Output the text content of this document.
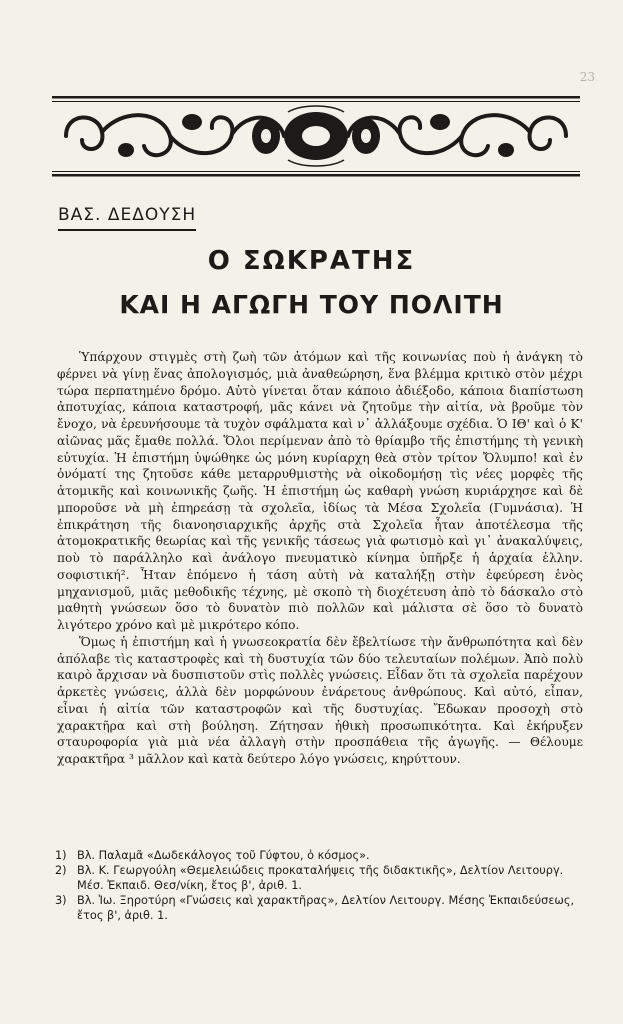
23
ΒΑΣ. ΔΕΔΟΥΣΗ
Ο ΣΩΚΡΑΤΗΣ
ΚΑΙ Η ΑΓΩΓΗ ΤΟΥ ΠΟΛΙΤΗ

Ὑπάρχουν στιγμὲς στὴ ζωὴ τῶν ἀτόμων καὶ τῆς κοινωνίας ποὺ ἡ ἀνάγκη τὸ φέρνει νὰ γίνῃ ἕνας ἀπολογισμός, μιὰ ἀναθεώρηση, ἕνα βλέμμα κριτικὸ στὸν μέχρι τώρα περπατημένο δρόμο. Αὐτὸ γίνεται ὅταν κάποιο ἀδιέξοδο, κάποια διαπίστωση ἀποτυχίας, κάποια καταστροφή, μᾶς κάνει νὰ ζητοῦμε τὴν αἰτία, νὰ βροῦμε τὸν ἔνοχο, νὰ ἐρευνήσουμε τὰ τυχὸν σφάλματα καὶ ν᾽ ἀλλάξουμε σχέδια. Ὁ ΙΘ' καὶ ὁ Κ' αἰῶνας μᾶς ἔμαθε πολλά. Ὅλοι περίμεναν ἀπὸ τὸ θρίαμβο τῆς ἐπιστήμης τὴ γενικὴ εὐτυχία. Ἡ ἐπιστήμη ὑψώθηκε ὡς μόνη κυρίαρχη θεὰ στὸν τρίτον Ὄλυμπο! καὶ ἐν ὀνόματί της ζητοῦσε κάθε μεταρρυθμιστὴς νὰ οἰκοδομήσῃ τὶς νέες μορφὲς τῆς ἀτομικῆς καὶ κοινωνικῆς ζωῆς. Ἡ ἐπιστήμη ὡς καθαρὴ γνώση κυριάρχησε καὶ δὲ μποροῦσε νὰ μὴ ἐπηρεάσῃ τὰ σχολεῖα, ἰδίως τὰ Μέσα Σχολεῖα (Γυμνάσια). Ἡ ἐπικράτηση τῆς διανοησιαρχικῆς ἀρχῆς στὰ Σχολεῖα ἦταν ἀποτέλεσμα τῆς ἀτομοκρατικῆς θεωρίας καὶ τῆς γενικῆς τάσεως γιὰ φωτισμὸ καὶ γι᾽ ἀνακαλύψεις, ποὺ τὸ παράλληλο καὶ ἀνάλογο πνευματικὸ κίνημα ὑπῆρξε ἡ ἀρχαία ἑλλην. σοφιστική². Ἦταν ἑπόμενο ἡ τάση αὐτὴ νὰ καταλήξῃ στὴν ἐφεύρεση ἑνὸς μηχανισμοῦ, μιᾶς μεθοδικῆς τέχνης, μὲ σκοπὸ τὴ διοχέτευση ἀπὸ τὸ δάσκαλο στὸ μαθητὴ γνώσεων ὅσο τὸ δυνατὸν πιὸ πολλῶν καὶ μάλιστα σὲ ὅσο τὸ δυνατὸ λιγότερο χρόνο καὶ μὲ μικρότερο κόπο.

Ὅμως ἡ ἐπιστήμη καὶ ἡ γνωσεοκρατία δὲν ἔβελτίωσε τὴν ἄνθρωπότητα καὶ δὲν ἀπόλαβε τὶς καταστροφὲς καὶ τὴ δυστυχία τῶν δύο τελευταίων πολέμων. Ἀπὸ πολὺ καιρὸ ἄρχισαν νὰ δυσπιστοῦν στὶς πολλὲς γνώσεις. Εἶδαν ὅτι τὰ σχολεῖα παρέχουν ἀρκετὲς γνώσεις, ἀλλὰ δὲν μορφώνουν ἐνάρετους ἀνθρώπους. Καὶ αὐτό, εἶπαν, εἶναι ἡ αἰτία τῶν καταστροφῶν καὶ τῆς δυστυχίας. Ἔδωκαν προσοχὴ στὸ χαρακτῆρα καὶ στὴ βούληση. Ζήτησαν ἠθικὴ προσωπικότητα. Καὶ ἐκήρυξεν σταυροφορία γιὰ μιὰ νέα ἀλλαγὴ στὴν προσπάθεια τῆς ἀγωγῆς. — Θέλουμε χαρακτῆρα ³ μᾶλλον καὶ κατὰ δεύτερο λόγο γνώσεις, κηρύττουν.

1) Βλ. Παλαμᾶ «Δωδεκάλογος τοῦ Γύφτου, ὁ κόσμος».
2) Βλ. Κ. Γεωργούλη «Θεμελειώδεις προκαταλήψεις τῆς διδακτικῆς», Δελτίον Λειτουργ. Μέσ. Ἐκπαιδ. Θεσ/νίκη, ἔτος β', ἀριθ. 1.
3) Βλ. Ἰω. Ξηροτύρη «Γνώσεις καὶ χαρακτῆρας», Δελτίον Λειτουργ. Μέσης Ἐκπαιδεύσεως, ἔτος β', ἀριθ. 1.
